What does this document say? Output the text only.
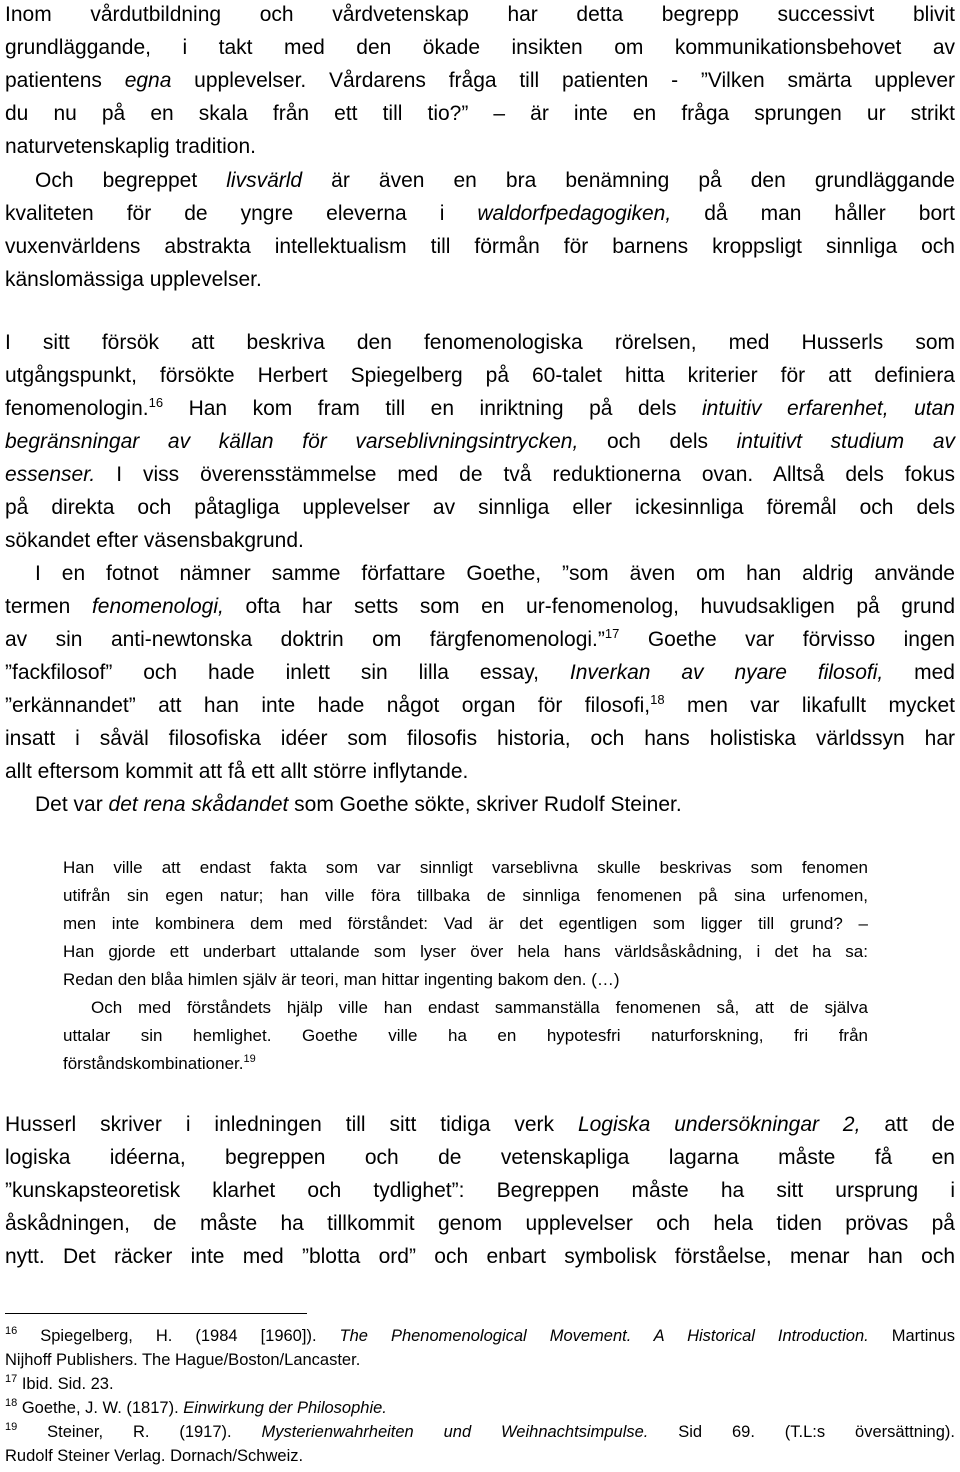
Inom vårdutbildning och vårdvetenskap har detta begrepp successivt blivit
grundläggande, i takt med den ökade insikten om kommunikationsbehovet av
patientens egna upplevelser. Vårdarens fråga till patienten - ”Vilken smärta upplever
du nu på en skala från ett till tio?” – är inte en fråga sprungen ur strikt
naturvetenskaplig tradition.
Och begreppet livsvärld är även en bra benämning på den grundläggande
kvaliteten för de yngre eleverna i waldorfpedagogiken, då man håller bort
vuxenvärldens abstrakta intellektualism till förmån för barnens kroppsligt sinnliga och
känslomässiga upplevelser.
I sitt försök att beskriva den fenomenologiska rörelsen, med Husserls som
utgångspunkt, försökte Herbert Spiegelberg på 60-talet hitta kriterier för att definiera
fenomenologin.$^{16}$ Han kom fram till en inriktning på dels intuitiv erfarenhet, utan
begränsningar av källan för varseblivningsintrycken, och dels intuitivt studium av
essenser. I viss överensstämmelse med de två reduktionerna ovan. Alltså dels fokus
på direkta och påtagliga upplevelser av sinnliga eller ickesinnliga föremål och dels
sökandet efter väsensbakgrund.
I en fotnot nämner samme författare Goethe, ”som även om han aldrig använde
termen fenomenologi, ofta har setts som en ur-fenomenolog, huvudsakligen på grund
av sin anti-newtonska doktrin om färgfenomenologi.”$^{17}$ Goethe var förvisso ingen
”fackfilosof” och hade inlett sin lilla essay, Inverkan av nyare filosofi, med
”erkännandet” att han inte hade något organ för filosofi,$^{18}$ men var likafullt mycket
insatt i såväl filosofiska idéer som filosofis historia, och hans holistiska världssyn har
allt eftersom kommit att få ett allt större inflytande.
Det var det rena skådandet som Goethe sökte, skriver Rudolf Steiner.
Han ville att endast fakta som var sinnligt varseblivna skulle beskrivas som fenomen
utifrån sin egen natur; han ville föra tillbaka de sinnliga fenomenen på sina urfenomen,
men inte kombinera dem med förståndet: Vad är det egentligen som ligger till grund? –
Han gjorde ett underbart uttalande som lyser över hela hans världsåskådning, i det ha sa:
Redan den blåa himlen själv är teori, man hittar ingenting bakom den. (…)
Och med förståndets hjälp ville han endast sammanställa fenomenen så, att de själva
uttalar sin hemlighet. Goethe ville ha en hypotesfri naturforskning, fri från
förståndskombinationer.$^{19}$
Husserl skriver i inledningen till sitt tidiga verk Logiska undersökningar 2, att de
logiska idéerna, begreppen och de vetenskapliga lagarna måste få en
”kunskapsteoretisk klarhet och tydlighet”: Begreppen måste ha sitt ursprung i
åskådningen, de måste ha tillkommit genom upplevelser och hela tiden prövas på
nytt. Det räcker inte med ”blotta ord” och enbart symbolisk förståelse, menar han och
$^{16}$ Spiegelberg, H. (1984 [1960]). The Phenomenological Movement. A Historical Introduction. Martinus
Nijhoff Publishers. The Hague/Boston/Lancaster.
$^{17}$ Ibid. Sid. 23.
$^{18}$ Goethe, J. W. (1817). Einwirkung der Philosophie.
$^{19}$ Steiner, R. (1917). Mysterienwahrheiten und Weihnachtsimpulse. Sid 69. (T.L:s översättning).
Rudolf Steiner Verlag. Dornach/Schweiz.
